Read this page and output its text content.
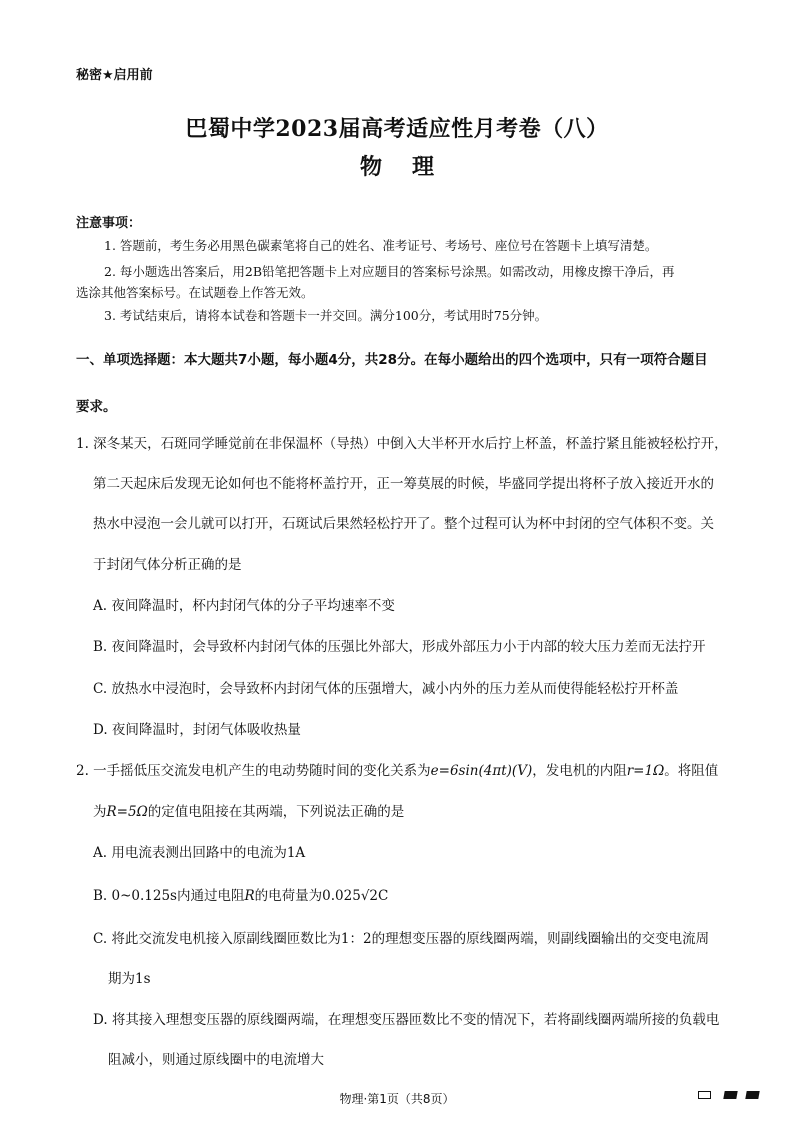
秘密★启用前
巴蜀中学2023届高考适应性月考卷（八）
物理
注意事项：
1. 答题前，考生务必用黑色碳素笔将自己的姓名、准考证号、考场号、座位号在答题卡上填写清楚。
2. 每小题选出答案后，用2B铅笔把答题卡上对应题目的答案标号涂黑。如需改动，用橡皮擦干净后，再
选涂其他答案标号。在试题卷上作答无效。
3. 考试结束后，请将本试卷和答题卡一并交回。满分100分，考试用时75分钟。
一、单项选择题：本大题共7小题，每小题4分，共28分。在每小题给出的四个选项中，只有一项符合题目
要求。
1. 深冬某天，石斑同学睡觉前在非保温杯（导热）中倒入大半杯开水后拧上杯盖，杯盖拧紧且能被轻松拧开，
第二天起床后发现无论如何也不能将杯盖拧开，正一筹莫展的时候，毕盛同学提出将杯子放入接近开水的
热水中浸泡一会儿就可以打开，石斑试后果然轻松拧开了。整个过程可认为杯中封闭的空气体积不变。关
于封闭气体分析正确的是
A. 夜间降温时，杯内封闭气体的分子平均速率不变
B. 夜间降温时，会导致杯内封闭气体的压强比外部大，形成外部压力小于内部的较大压力差而无法拧开
C. 放热水中浸泡时，会导致杯内封闭气体的压强增大，减小内外的压力差从而使得能轻松拧开杯盖
D. 夜间降温时，封闭气体吸收热量
2. 一手摇低压交流发电机产生的电动势随时间的变化关系为e=6sin(4πt)(V)，发电机的内阻r=1Ω。将阻值
为R=5Ω的定值电阻接在其两端，下列说法正确的是
A. 用电流表测出回路中的电流为1A
B. 0~0.125s内通过电阻R的电荷量为0.025√2C
C. 将此交流发电机接入原副线圈匝数比为1：2的理想变压器的原线圈两端，则副线圈输出的交变电流周
期为1s
D. 将其接入理想变压器的原线圈两端，在理想变压器匝数比不变的情况下，若将副线圈两端所接的负载电
阻减小，则通过原线圈中的电流增大
物理·第1页（共8页）
